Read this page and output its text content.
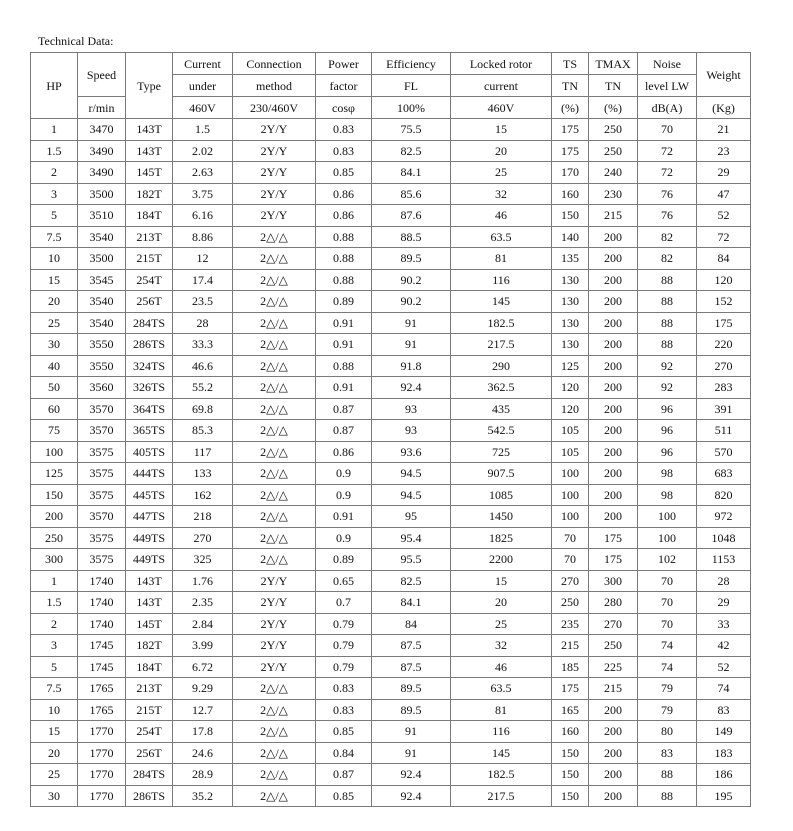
Technical Data:
HP	Speed	Type	Current	Connection	Power	Efficiency	Locked rotor	TS	TMAX	Noise	Weight
			under	method	factor	FL	current	TN	TN	level LW	
	r/min		460V	230/460V	cosφ	100%	460V	(%)	(%)	dB(A)	(Kg)
1	3470	143T	1.5	2Y/Y	0.83	75.5	15	175	250	70	21
1.5	3490	143T	2.02	2Y/Y	0.83	82.5	20	175	250	72	23
2	3490	145T	2.63	2Y/Y	0.85	84.1	25	170	240	72	29
3	3500	182T	3.75	2Y/Y	0.86	85.6	32	160	230	76	47
5	3510	184T	6.16	2Y/Y	0.86	87.6	46	150	215	76	52
7.5	3540	213T	8.86	2△/△	0.88	88.5	63.5	140	200	82	72
10	3500	215T	12	2△/△	0.88	89.5	81	135	200	82	84
15	3545	254T	17.4	2△/△	0.88	90.2	116	130	200	88	120
20	3540	256T	23.5	2△/△	0.89	90.2	145	130	200	88	152
25	3540	284TS	28	2△/△	0.91	91	182.5	130	200	88	175
30	3550	286TS	33.3	2△/△	0.91	91	217.5	130	200	88	220
40	3550	324TS	46.6	2△/△	0.88	91.8	290	125	200	92	270
50	3560	326TS	55.2	2△/△	0.91	92.4	362.5	120	200	92	283
60	3570	364TS	69.8	2△/△	0.87	93	435	120	200	96	391
75	3570	365TS	85.3	2△/△	0.87	93	542.5	105	200	96	511
100	3575	405TS	117	2△/△	0.86	93.6	725	105	200	96	570
125	3575	444TS	133	2△/△	0.9	94.5	907.5	100	200	98	683
150	3575	445TS	162	2△/△	0.9	94.5	1085	100	200	98	820
200	3570	447TS	218	2△/△	0.91	95	1450	100	200	100	972
250	3575	449TS	270	2△/△	0.9	95.4	1825	70	175	100	1048
300	3575	449TS	325	2△/△	0.89	95.5	2200	70	175	102	1153
1	1740	143T	1.76	2Y/Y	0.65	82.5	15	270	300	70	28
1.5	1740	143T	2.35	2Y/Y	0.7	84.1	20	250	280	70	29
2	1740	145T	2.84	2Y/Y	0.79	84	25	235	270	70	33
3	1745	182T	3.99	2Y/Y	0.79	87.5	32	215	250	74	42
5	1745	184T	6.72	2Y/Y	0.79	87.5	46	185	225	74	52
7.5	1765	213T	9.29	2△/△	0.83	89.5	63.5	175	215	79	74
10	1765	215T	12.7	2△/△	0.83	89.5	81	165	200	79	83
15	1770	254T	17.8	2△/△	0.85	91	116	160	200	80	149
20	1770	256T	24.6	2△/△	0.84	91	145	150	200	83	183
25	1770	284TS	28.9	2△/△	0.87	92.4	182.5	150	200	88	186
30	1770	286TS	35.2	2△/△	0.85	92.4	217.5	150	200	88	195
